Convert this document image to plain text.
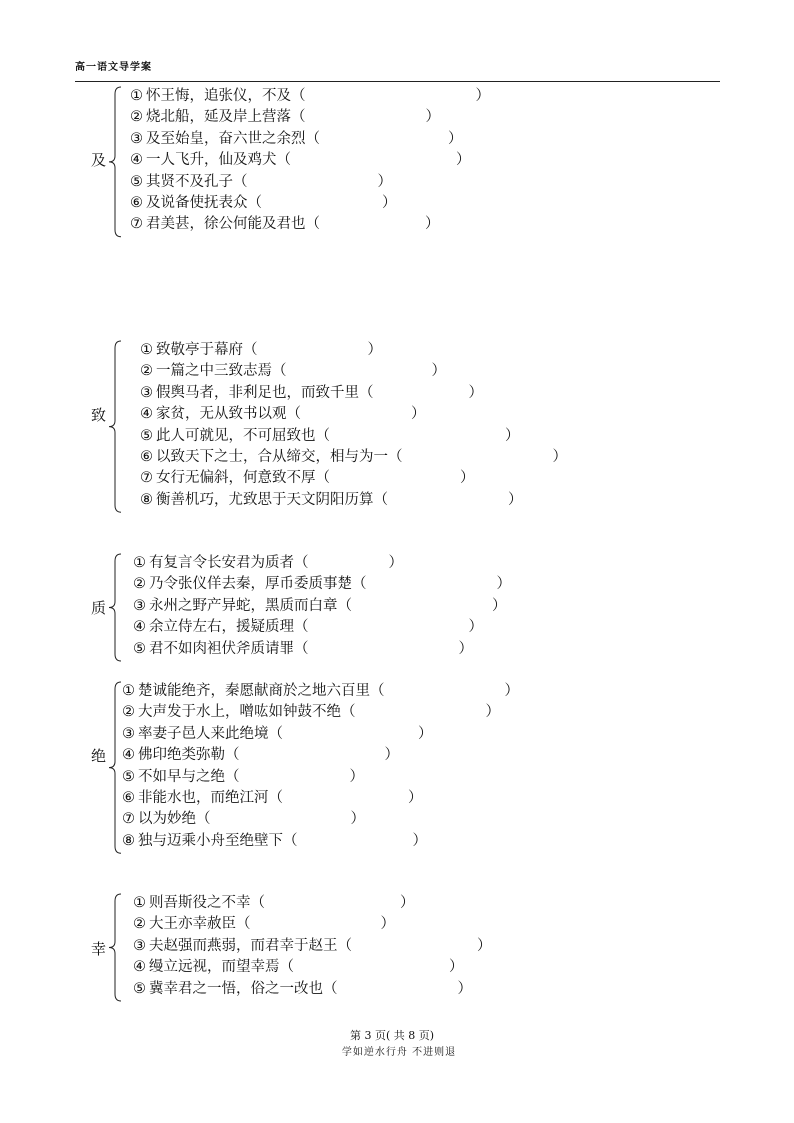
高一语文导学案
及
① 怀王悔，追张仪，不及（	）
② 烧北船，延及岸上营落（	）
③ 及至始皇，奋六世之余烈（	）
④ 一人飞升，仙及鸡犬（	）
⑤ 其贤不及孔子（	）
⑥ 及说备使抚表众（	）
⑦ 君美甚，徐公何能及君也（	）
致
① 致敬亭于幕府（	）
② 一篇之中三致志焉（	）
③ 假舆马者，非利足也，而致千里（	）
④ 家贫，无从致书以观（	）
⑤ 此人可就见，不可屈致也（	）
⑥ 以致天下之士，合从缔交，相与为一（	）
⑦ 女行无偏斜，何意致不厚（	）
⑧ 衡善机巧，尤致思于天文阴阳历算（	）
质
① 有复言令长安君为质者（	）
② 乃令张仪佯去秦，厚币委质事楚（	）
③ 永州之野产异蛇，黑质而白章（	）
④ 余立侍左右，援疑质理（	）
⑤ 君不如肉袒伏斧质请罪（	）
绝
① 楚诚能绝齐，秦愿献商於之地六百里（	）
② 大声发于水上，噌吰如钟鼓不绝（	）
③ 率妻子邑人来此绝境（	）
④ 佛印绝类弥勒（	）
⑤ 不如早与之绝（	）
⑥ 非能水也，而绝江河（	）
⑦ 以为妙绝（	）
⑧ 独与迈乘小舟至绝壁下（	）
幸
① 则吾斯役之不幸（	）
② 大王亦幸赦臣（	）
③ 夫赵强而燕弱，而君幸于赵王（	）
④ 缦立远视，而望幸焉（	）
⑤ 冀幸君之一悟，俗之一改也（	）
第 3 页( 共 8 页)
学如逆水行舟 不进则退
